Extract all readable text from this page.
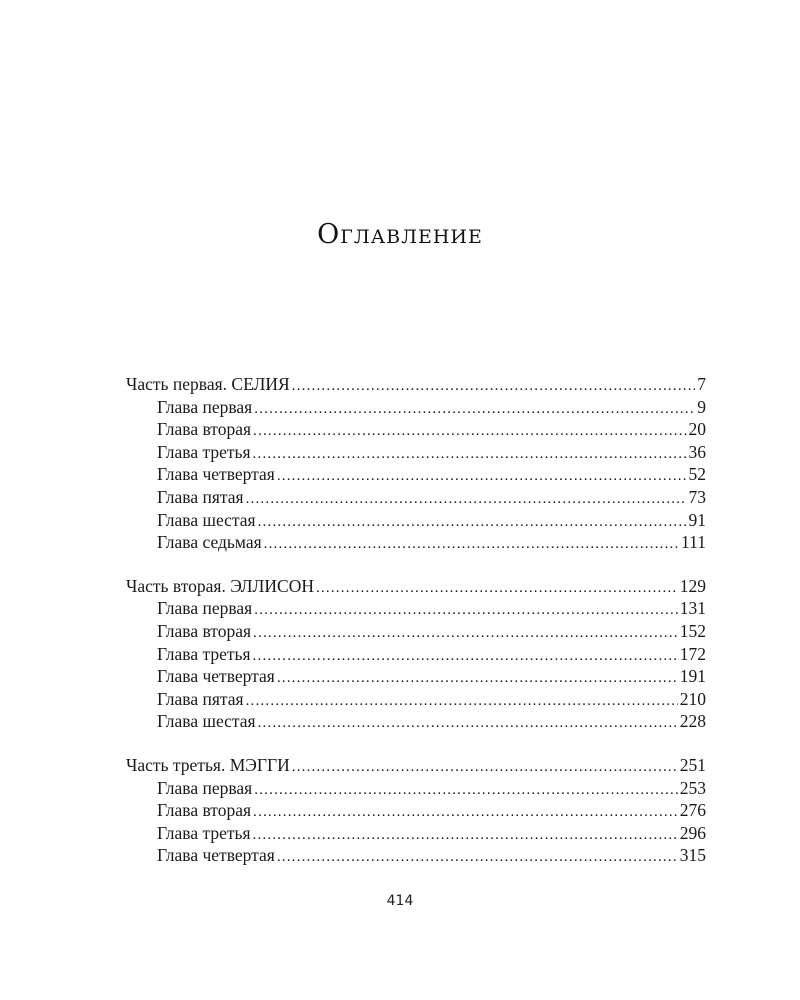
Оглавление
Часть первая. СЕЛИЯ .....	7
Глава первая .....	9
Глава вторая .....	20
Глава третья .....	36
Глава четвертая .....	52
Глава пятая .....	73
Глава шестая .....	91
Глава седьмая .....	111
Часть вторая. ЭЛЛИСОН .....	129
Глава первая .....	131
Глава вторая .....	152
Глава третья .....	172
Глава четвертая .....	191
Глава пятая .....	210
Глава шестая .....	228
Часть третья. МЭГГИ .....	251
Глава первая .....	253
Глава вторая .....	276
Глава третья .....	296
Глава четвертая .....	315
414
